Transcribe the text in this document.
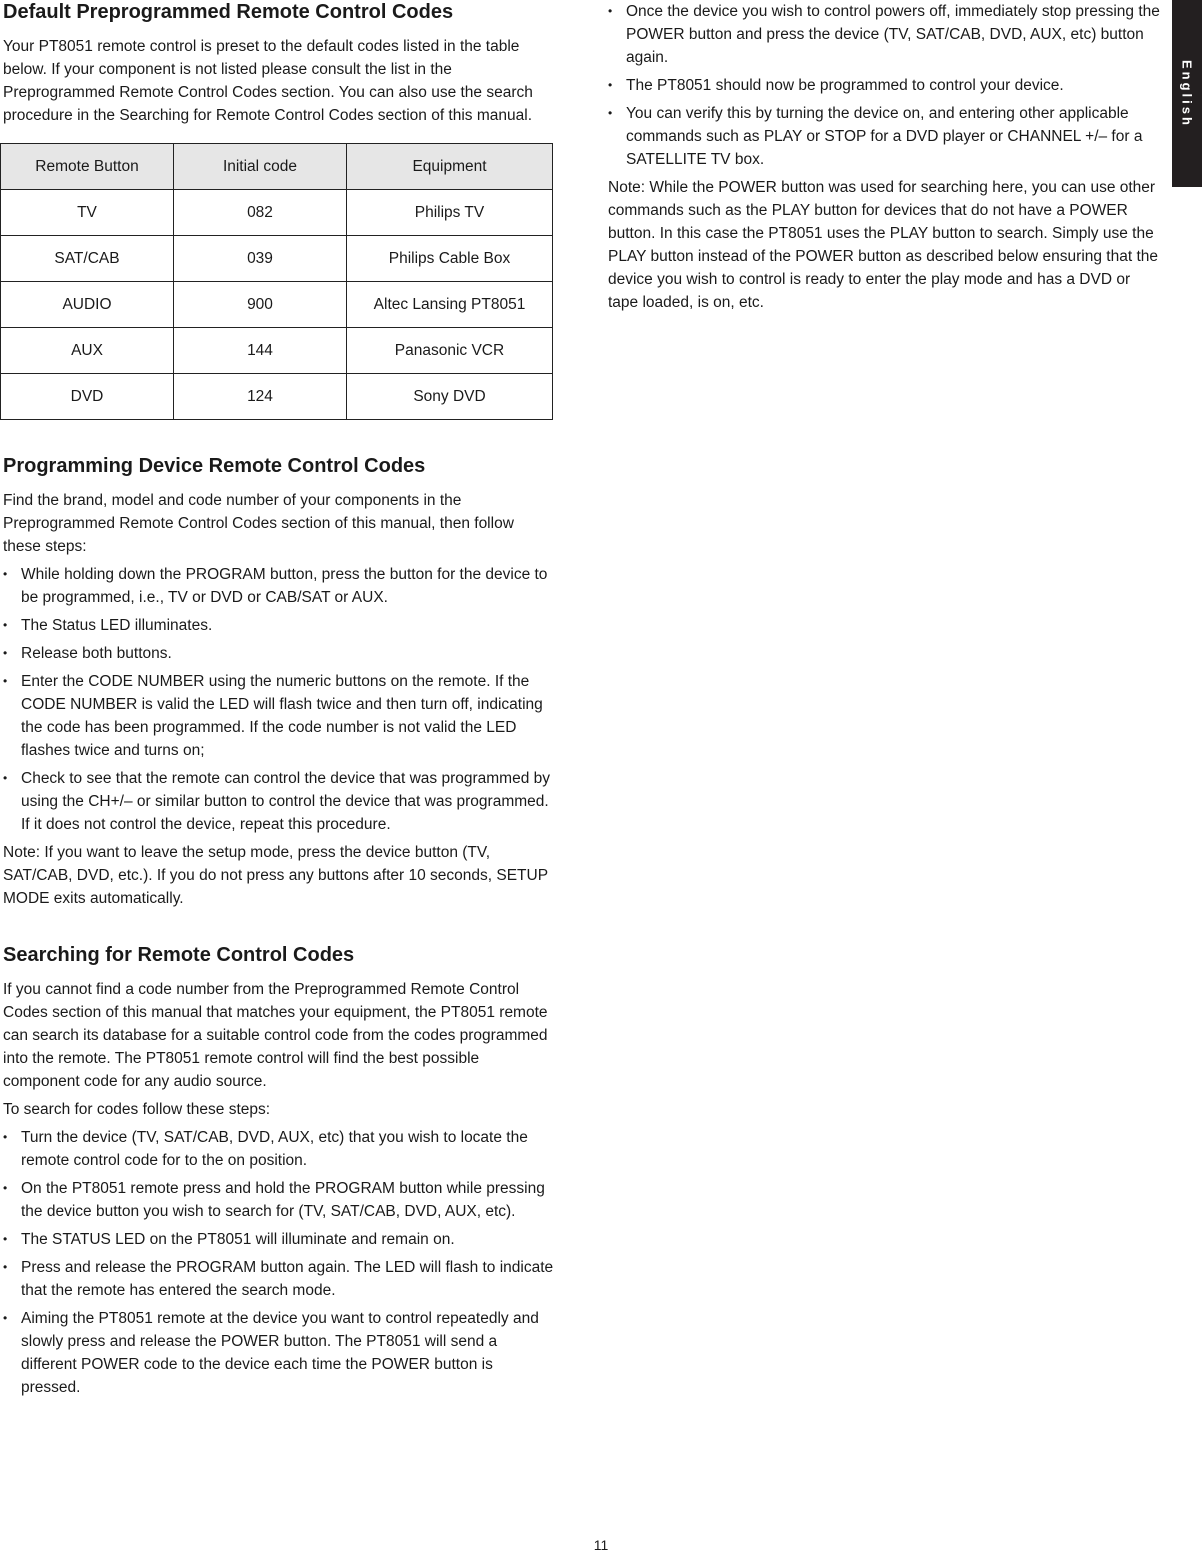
Default Preprogrammed Remote Control Codes

Your PT8051 remote control is preset to the default codes listed in the table below. If your component is not listed please consult the list in the Preprogrammed Remote Control Codes section. You can also use the search procedure in the Searching for Remote Control Codes section of this manual.

Remote Button	Initial code	Equipment
TV	082	Philips TV
SAT/CAB	039	Philips Cable Box
AUDIO	900	Altec Lansing PT8051
AUX	144	Panasonic VCR
DVD	124	Sony DVD
Programming Device Remote Control Codes

Find the brand, model and code number of your components in the Preprogrammed Remote Control Codes section of this manual, then follow these steps:

• While holding down the PROGRAM button, press the button for the device to be programmed, i.e., TV or DVD or CAB/SAT or AUX.
• The Status LED illuminates.
• Release both buttons.
• Enter the CODE NUMBER using the numeric buttons on the remote. If the CODE NUMBER is valid the LED will flash twice and then turn off, indicating the code has been programmed. If the code number is not valid the LED flashes twice and turns on;
• Check to see that the remote can control the device that was programmed by using the CH+/– or similar button to control the device that was programmed. If it does not control the device, repeat this procedure.

Note: If you want to leave the setup mode, press the device button (TV, SAT/CAB, DVD, etc.). If you do not press any buttons after 10 seconds, SETUP MODE exits automatically.

Searching for Remote Control Codes

If you cannot find a code number from the Preprogrammed Remote Control Codes section of this manual that matches your equipment, the PT8051 remote can search its database for a suitable control code from the codes programmed into the remote. The PT8051 remote control will find the best possible component code for any audio source.

To search for codes follow these steps:

• Turn the device (TV, SAT/CAB, DVD, AUX, etc) that you wish to locate the remote control code for to the on position.
• On the PT8051 remote press and hold the PROGRAM button while pressing the device button you wish to search for (TV, SAT/CAB, DVD, AUX, etc).
• The STATUS LED on the PT8051 will illuminate and remain on.
• Press and release the PROGRAM button again. The LED will flash to indicate that the remote has entered the search mode.
• Aiming the PT8051 remote at the device you want to control repeatedly and slowly press and release the POWER button. The PT8051 will send a different POWER code to the device each time the POWER button is pressed.
• Once the device you wish to control powers off, immediately stop pressing the POWER button and press the device (TV, SAT/CAB, DVD, AUX, etc) button again.
• The PT8051 should now be programmed to control your device.
• You can verify this by turning the device on, and entering other applicable commands such as PLAY or STOP for a DVD player or CHANNEL +/– for a SATELLITE TV box.

Note: While the POWER button was used for searching here, you can use other commands such as the PLAY button for devices that do not have a POWER button. In this case the PT8051 uses the PLAY button to search. Simply use the PLAY button instead of the POWER button as described below ensuring that the device you wish to control is ready to enter the play mode and has a DVD or tape loaded, is on, etc.

English
11
